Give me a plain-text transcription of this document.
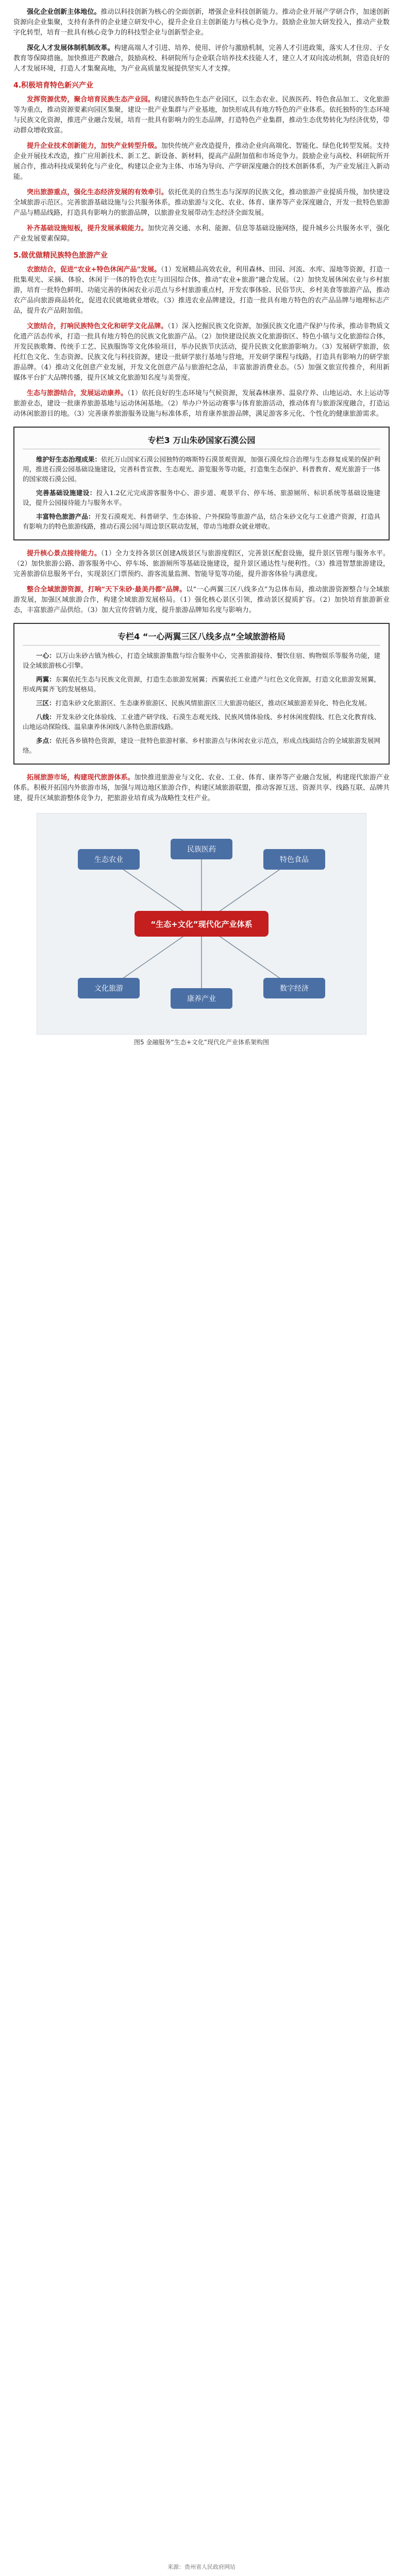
强化企业创新主体地位。推动以科技创新为核心的全面创新，增强企业科技创新能力。推动企业开展产学研合作，加速创新资源向企业集聚，支持有条件的企业建立研发中心，提升企业自主创新能力与核心竞争力。鼓励企业加大研发投入，推动产业数字化转型，培育一批具有核心竞争力的科技型企业与创新型企业。

深化人才发展体制机制改革。构建高端人才引进、培养、使用、评价与激励机制，完善人才引进政策，落实人才住房、子女教育等保障措施。加快推进产教融合，鼓励高校、科研院所与企业联合培养技术技能人才，建立人才双向流动机制，营造良好的人才发展环境，打造人才集聚高地，为产业高质量发展提供坚实人才支撑。

4.积极培育特色新兴产业

发挥资源优势，聚合培育民族生态产业园。构建民族特色生态产业园区，以生态农业、民族医药、特色食品加工、文化旅游等为重点，推动资源要素向园区集聚，建设一批产业集群与产业基地，加快形成具有地方特色的产业体系。依托独特的生态环境与民族文化资源，推进产业融合发展，培育一批具有影响力的生态品牌，打造特色产业集群，推动生态优势转化为经济优势，带动群众增收致富。

提升企业技术创新能力，加快产业转型升级。加快传统产业改造提升，推动企业向高端化、智能化、绿色化转型发展。支持企业开展技术改造，推广应用新技术、新工艺、新设备、新材料，提高产品附加值和市场竞争力。鼓励企业与高校、科研院所开展合作，推动科技成果转化与产业化，构建以企业为主体、市场为导向、产学研深度融合的技术创新体系，为产业发展注入新动能。

突出旅游重点，强化生态经济发展的有效牵引。依托优美的自然生态与深厚的民族文化，推动旅游产业提质升级，加快建设全域旅游示范区。完善旅游基础设施与公共服务体系，推动旅游与文化、农业、体育、康养等产业深度融合，开发一批特色旅游产品与精品线路，打造具有影响力的旅游品牌，以旅游业发展带动生态经济全面发展。

补齐基础设施短板，提升发展承载能力。加快完善交通、水利、能源、信息等基础设施网络，提升城乡公共服务水平，强化产业发展要素保障。

5.做优做精民族特色旅游产业

农旅结合，促进“农业+特色休闲产品”发展。（1）发展精品高效农业，利用森林、田园、河流、水库、湿地等资源，打造一批集观光、采摘、体验、休闲于一体的特色农庄与田园综合体，推动“农业+旅游”融合发展。（2）加快发展休闲农业与乡村旅游，培育一批特色鲜明、功能完善的休闲农业示范点与乡村旅游重点村，开发农事体验、民俗节庆、乡村美食等旅游产品，推动农产品向旅游商品转化，促进农民就地就业增收。（3）推进农业品牌建设，打造一批具有地方特色的农产品品牌与地理标志产品，提升农产品附加值。

文旅结合，打响民族特色文化和研学文化品牌。（1）深入挖掘民族文化资源，加强民族文化遗产保护与传承，推动非物质文化遗产活态传承，打造一批具有地方特色的民族文化旅游产品。（2）加快建设民族文化旅游街区、特色小镇与文化旅游综合体，开发民族歌舞、传统手工艺、民族服饰等文化体验项目，举办民族节庆活动，提升民族文化旅游影响力。（3）发展研学旅游，依托红色文化、生态资源、民族文化与科技资源，建设一批研学旅行基地与营地，开发研学课程与线路，打造具有影响力的研学旅游品牌。（4）推动文化创意产业发展，开发文化创意产品与旅游纪念品，丰富旅游消费业态。（5）加强文旅宣传推介，利用新媒体平台扩大品牌传播，提升区域文化旅游知名度与美誉度。

生态与旅游结合，发展运动康养。（1）依托良好的生态环境与气候资源，发展森林康养、温泉疗养、山地运动、水上运动等旅游业态，建设一批康养旅游基地与运动休闲基地。（2）举办户外运动赛事与体育旅游活动，推动体育与旅游深度融合，打造运动休闲旅游目的地。（3）完善康养旅游服务设施与标准体系，培育康养旅游品牌，满足游客多元化、个性化的健康旅游需求。

专栏3 万山朱砂国家石漠公园

维护好生态治理成果：依托万山国家石漠公园独特的喀斯特石漠景观资源，加强石漠化综合治理与生态修复成果的保护利用，推进石漠公园基础设施建设，完善科普宣教、生态观光、游览服务等功能，打造集生态保护、科普教育、观光旅游于一体的国家级石漠公园。

完善基础设施建设：投入1.2亿元完成游客服务中心、游步道、观景平台、停车场、旅游厕所、标识系统等基础设施建设，提升公园接待能力与服务水平。

丰富特色旅游产品：开发石漠观光、科普研学、生态体验、户外探险等旅游产品，结合朱砂文化与工业遗产资源，打造具有影响力的特色旅游线路，推动石漠公园与周边景区联动发展，带动当地群众就业增收。

提升核心景点接待能力。（1）全力支持各景区创建A级景区与旅游度假区，完善景区配套设施，提升景区管理与服务水平。（2）加快旅游公路、游客服务中心、停车场、旅游厕所等基础设施建设，提升景区通达性与便利性。（3）推进智慧旅游建设，完善旅游信息服务平台，实现景区门票预约、游客流量监测、智能导览等功能，提升游客体验与满意度。

整合全域旅游资源，打响“天下朱砂·最美丹都”品牌。以“一心两翼三区八线多点”为总体布局，推动旅游资源整合与全域旅游发展，加强区域旅游合作，构建全域旅游发展格局。（1）强化核心景区引领，推动景区提质扩容。（2）加快培育旅游新业态，丰富旅游产品供给。（3）加大宣传营销力度，提升旅游品牌知名度与影响力。

专栏4 “一心两翼三区八线多点”全域旅游格局

一心：以万山朱砂古镇为核心，打造全域旅游集散与综合服务中心，完善旅游接待、餐饮住宿、购物娱乐等服务功能，建设全域旅游核心引擎。

两翼：东翼依托生态与民族文化资源，打造生态旅游发展翼；西翼依托工业遗产与红色文化资源，打造文化旅游发展翼，形成两翼齐飞的发展格局。

三区：打造朱砂文化旅游区、生态康养旅游区、民族风情旅游区三大旅游功能区，推动区域旅游差异化、特色化发展。

八线：开发朱砂文化体验线、工业遗产研学线、石漠生态观光线、民族风情体验线、乡村休闲度假线、红色文化教育线、山地运动探险线、温泉康养休闲线八条特色旅游线路。

多点：依托各乡镇特色资源，建设一批特色旅游村寨、乡村旅游点与休闲农业示范点，形成点线面结合的全域旅游发展网络。

拓展旅游市场，构建现代旅游体系。加快推进旅游业与文化、农业、工业、体育、康养等产业融合发展，构建现代旅游产业体系。积极开拓国内外旅游市场，加强与周边地区旅游合作，构建区域旅游联盟，推动客源互送、资源共享、线路互联、品牌共建，提升区域旅游整体竞争力，把旅游业培育成为战略性支柱产业。

生态农业
民族医药
特色食品
文化旅游
康养产业
数字经济
“生态+文化”现代化产业体系
图5 金融服务“生态+文化”现代化产业体系架构图
来源：贵州省人民政府网站
